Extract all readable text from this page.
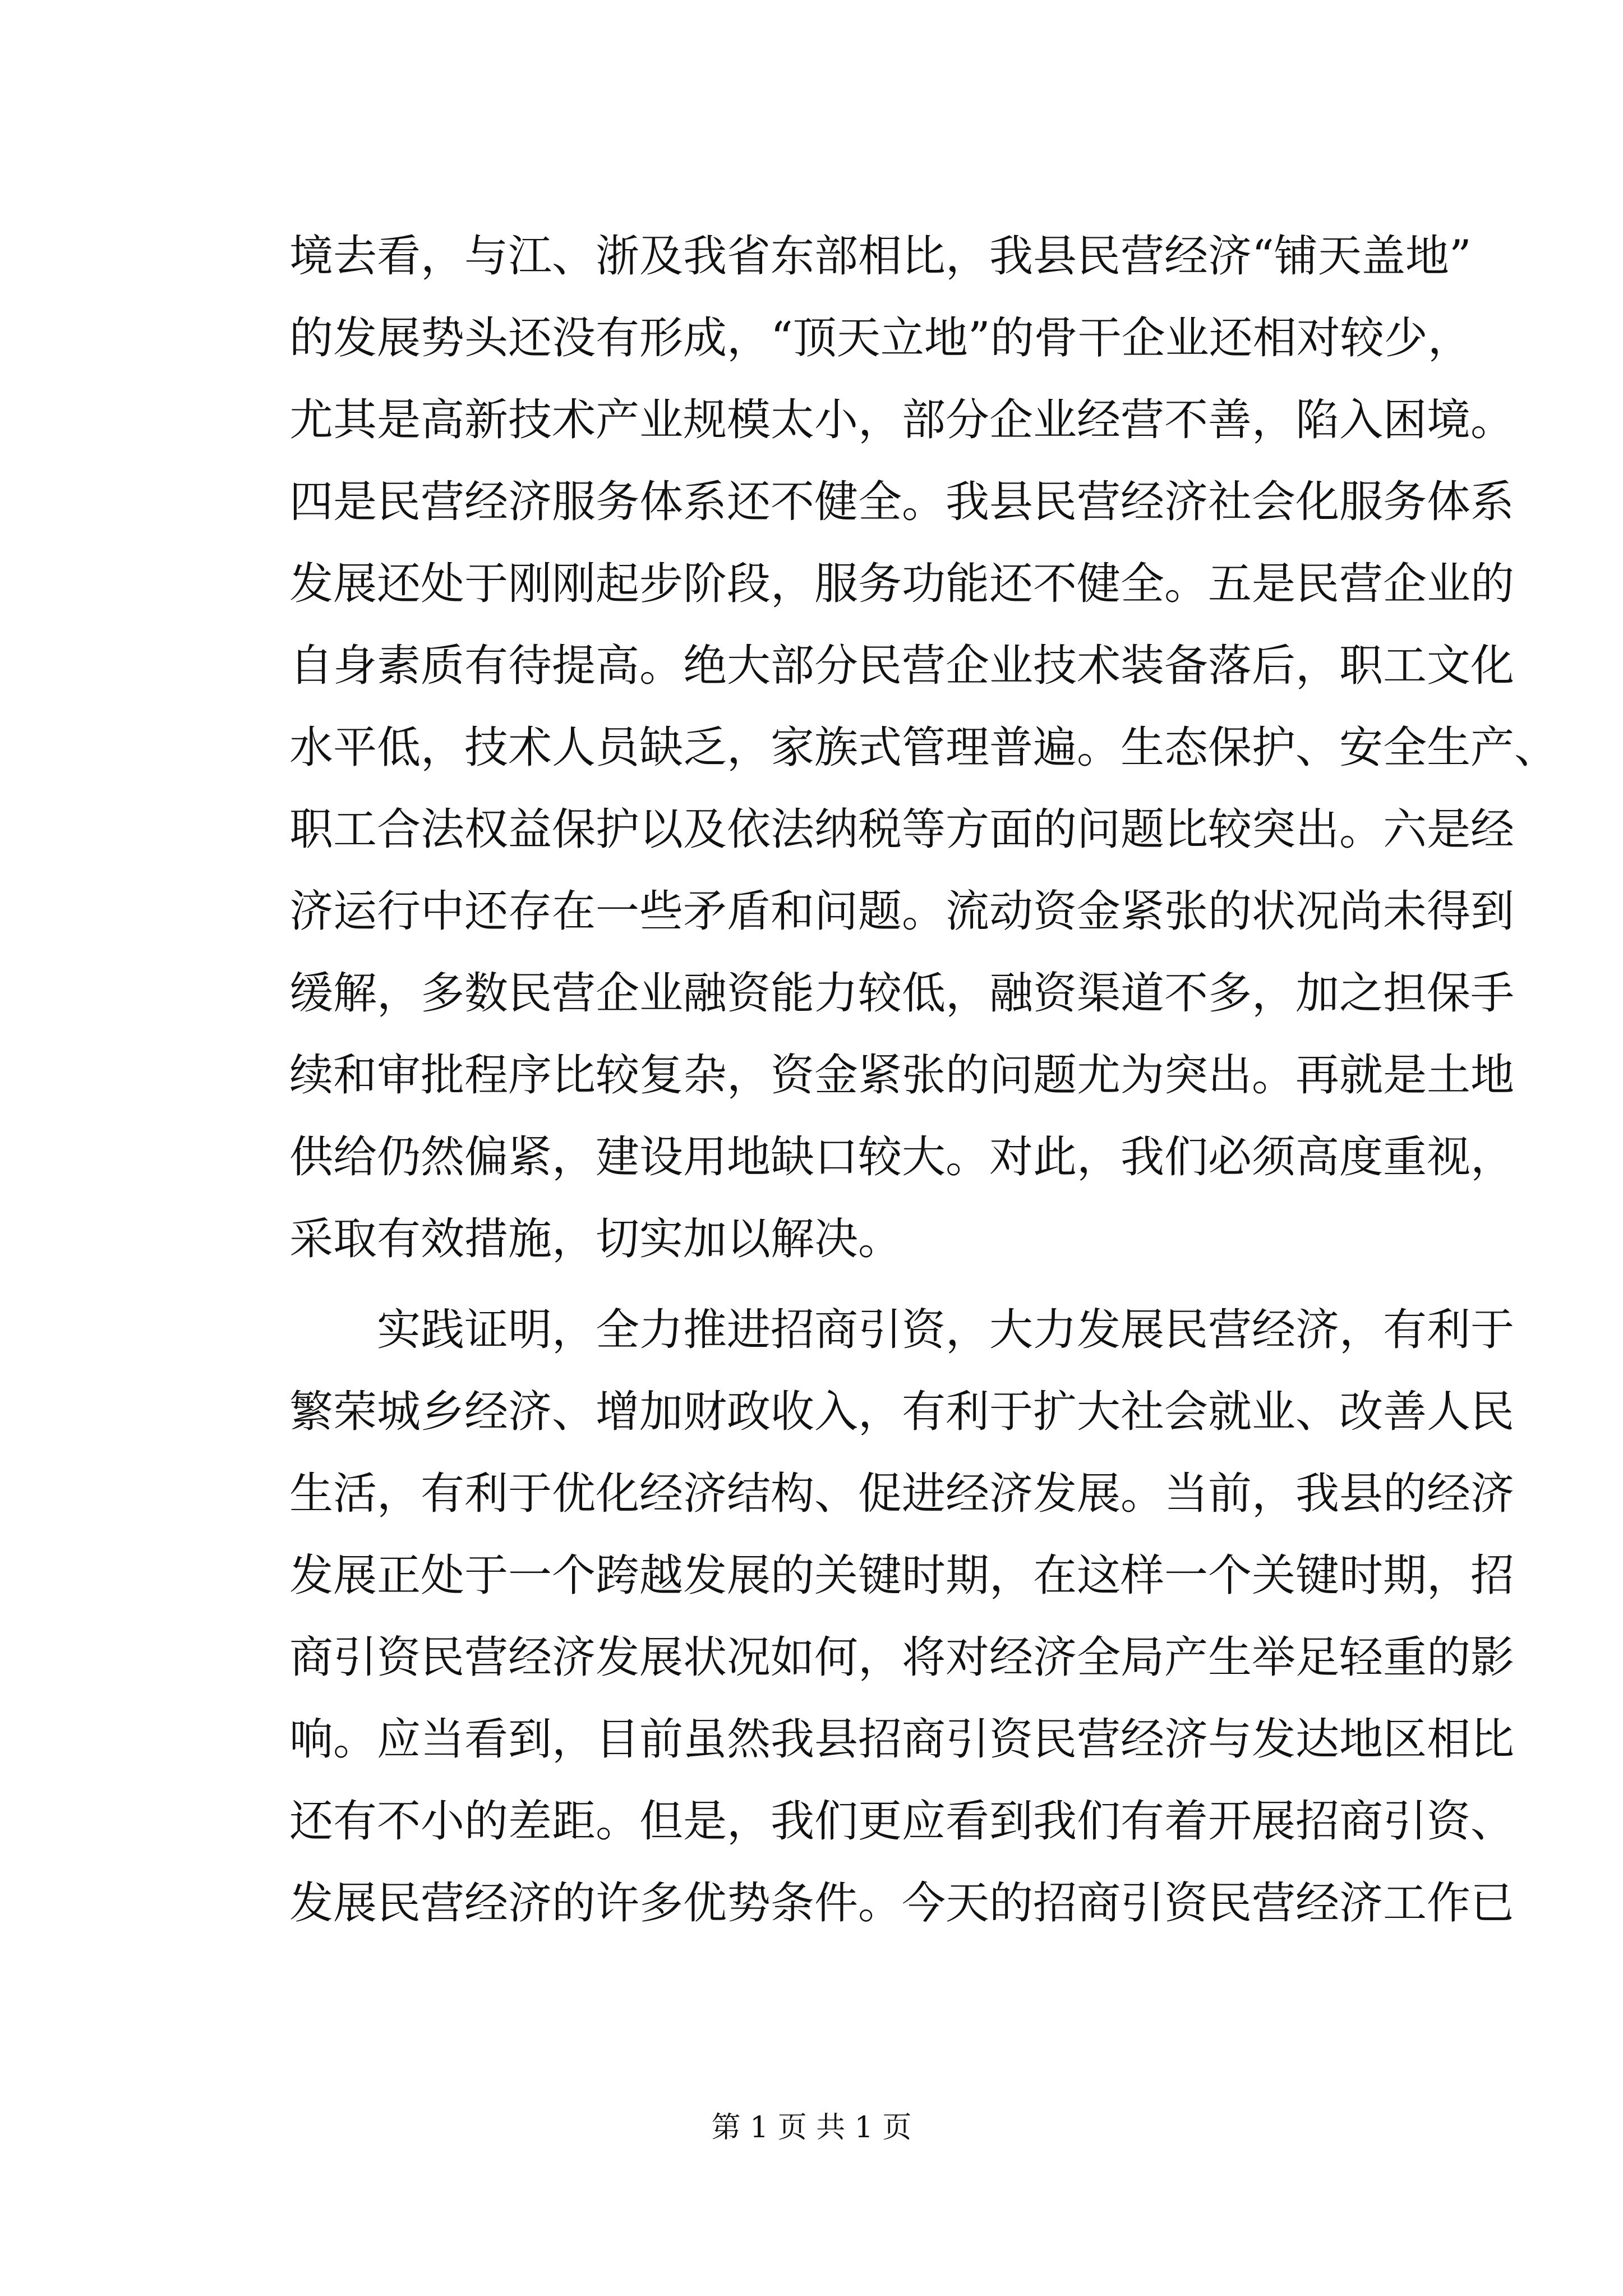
境去看，与江、浙及我省东部相比，我县民营经济“铺天盖地”
的发展势头还没有形成，“顶天立地”的骨干企业还相对较少，
尤其是高新技术产业规模太小，部分企业经营不善，陷入困境。
四是民营经济服务体系还不健全。我县民营经济社会化服务体系
发展还处于刚刚起步阶段，服务功能还不健全。五是民营企业的
自身素质有待提高。绝大部分民营企业技术装备落后，职工文化
水平低，技术人员缺乏，家族式管理普遍。生态保护、安全生产、
职工合法权益保护以及依法纳税等方面的问题比较突出。六是经
济运行中还存在一些矛盾和问题。流动资金紧张的状况尚未得到
缓解，多数民营企业融资能力较低，融资渠道不多，加之担保手
续和审批程序比较复杂，资金紧张的问题尤为突出。再就是土地
供给仍然偏紧，建设用地缺口较大。对此，我们必须高度重视，
采取有效措施，切实加以解决。
实践证明，全力推进招商引资，大力发展民营经济，有利于
繁荣城乡经济、增加财政收入，有利于扩大社会就业、改善人民
生活，有利于优化经济结构、促进经济发展。当前，我县的经济
发展正处于一个跨越发展的关键时期，在这样一个关键时期，招
商引资民营经济发展状况如何，将对经济全局产生举足轻重的影
响。应当看到，目前虽然我县招商引资民营经济与发达地区相比
还有不小的差距。但是，我们更应看到我们有着开展招商引资、
发展民营经济的许多优势条件。今天的招商引资民营经济工作已
第 1 页 共 1 页
